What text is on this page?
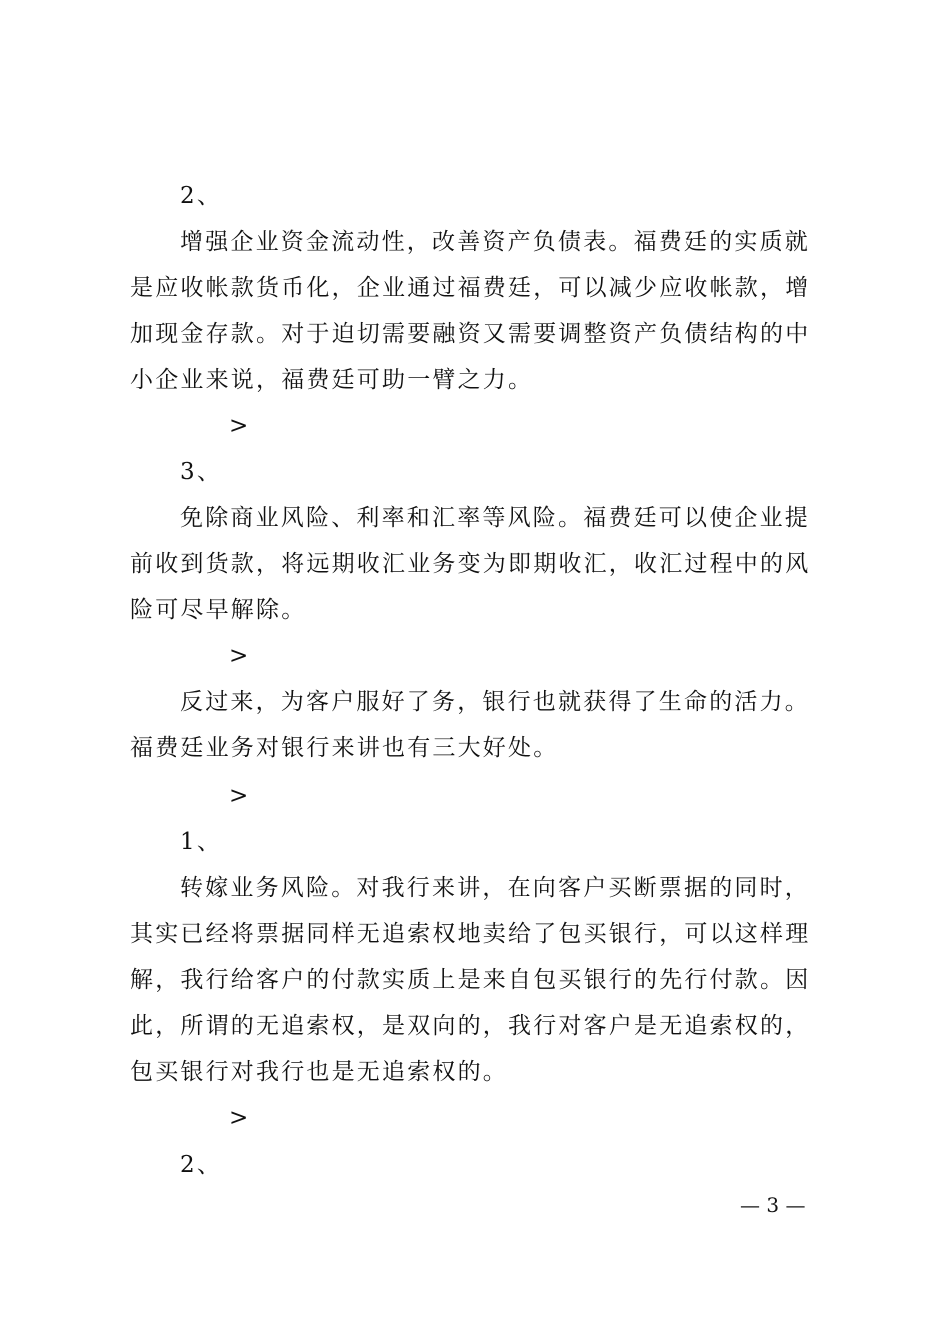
2、
增强企业资金流动性，改善资产负债表。福费廷的实质就
是应收帐款货币化，企业通过福费廷，可以减少应收帐款，增
加现金存款。对于迫切需要融资又需要调整资产负债结构的中
小企业来说，福费廷可助一臂之力。
>
3、
免除商业风险、利率和汇率等风险。福费廷可以使企业提
前收到货款，将远期收汇业务变为即期收汇，收汇过程中的风
险可尽早解除。
>
反过来，为客户服好了务，银行也就获得了生命的活力。
福费廷业务对银行来讲也有三大好处。
>
1、
转嫁业务风险。对我行来讲，在向客户买断票据的同时，
其实已经将票据同样无追索权地卖给了包买银行，可以这样理
解，我行给客户的付款实质上是来自包买银行的先行付款。因
此，所谓的无追索权，是双向的，我行对客户是无追索权的，
包买银行对我行也是无追索权的。
>
2、
— 3 —
